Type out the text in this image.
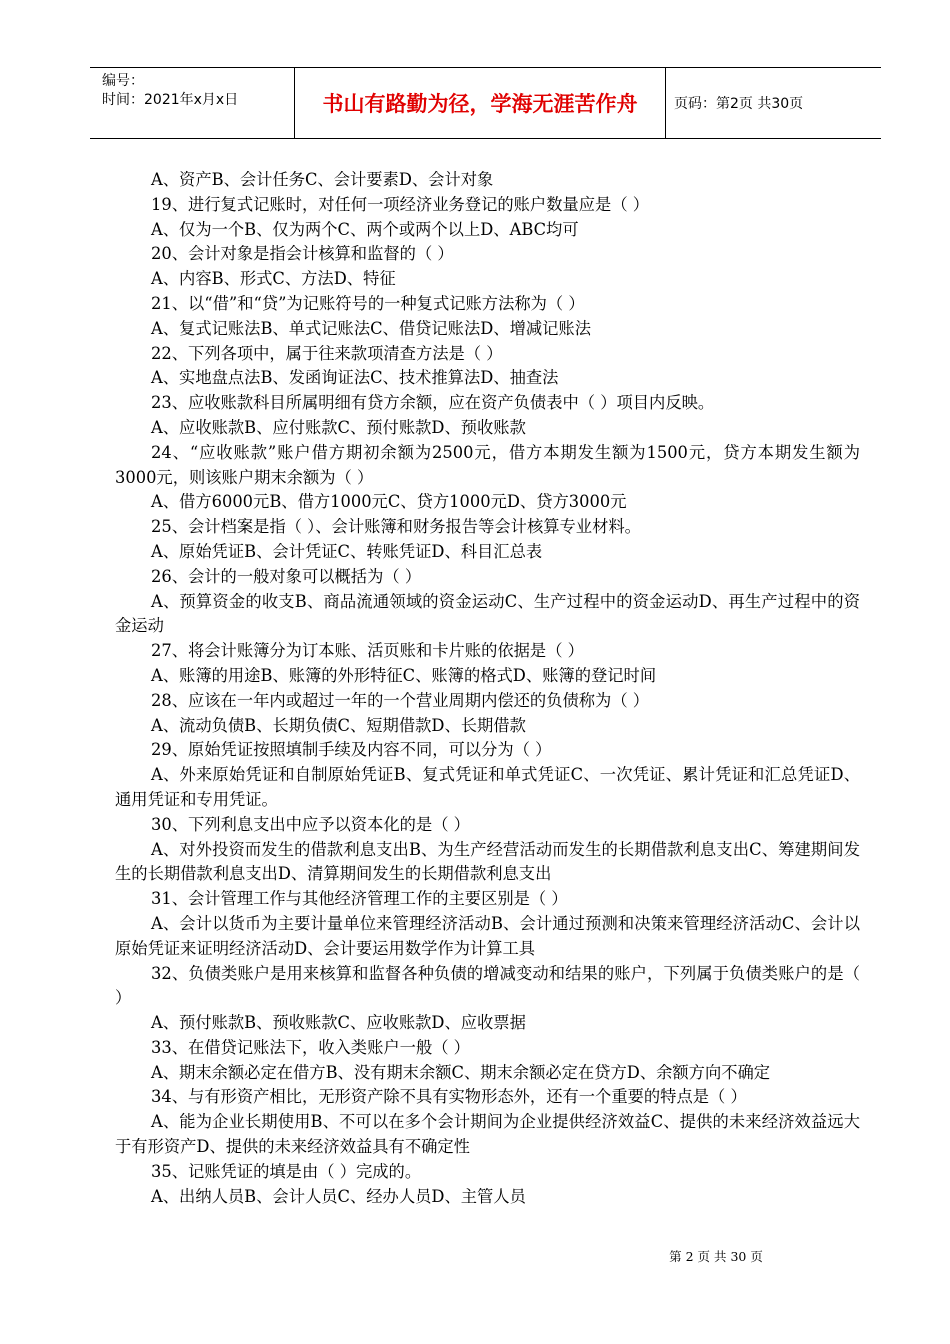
编号：
时间：2021年x月x日	书山有路勤为径，学海无涯苦作舟	页码：第2页 共30页

A、资产B、会计任务C、会计要素D、会计对象

19、进行复式记账时，对任何一项经济业务登记的账户数量应是（ ）

A、仅为一个B、仅为两个C、两个或两个以上D、ABC均可

20、会计对象是指会计核算和监督的（ ）

A、内容B、形式C、方法D、特征

21、以“借”和“贷”为记账符号的一种复式记账方法称为（ ）

A、复式记账法B、单式记账法C、借贷记账法D、增减记账法

22、下列各项中，属于往来款项清查方法是（ ）

A、实地盘点法B、发函询证法C、技术推算法D、抽查法

23、应收账款科目所属明细有贷方余额，应在资产负债表中（ ）项目内反映。

A、应收账款B、应付账款C、预付账款D、预收账款

24、“应收账款”账户借方期初余额为2500元，借方本期发生额为1500元，贷方本期发生额为3000元，则该账户期末余额为（ ）

A、借方6000元B、借方1000元C、贷方1000元D、贷方3000元

25、会计档案是指（ ）、会计账簿和财务报告等会计核算专业材料。

A、原始凭证B、会计凭证C、转账凭证D、科目汇总表

26、会计的一般对象可以概括为（ ）

A、预算资金的收支B、商品流通领域的资金运动C、生产过程中的资金运动D、再生产过程中的资金运动

27、将会计账簿分为订本账、活页账和卡片账的依据是（ ）

A、账簿的用途B、账簿的外形特征C、账簿的格式D、账簿的登记时间

28、应该在一年内或超过一年的一个营业周期内偿还的负债称为（ ）

A、流动负债B、长期负债C、短期借款D、长期借款

29、原始凭证按照填制手续及内容不同，可以分为（ ）

A、外来原始凭证和自制原始凭证B、复式凭证和单式凭证C、一次凭证、累计凭证和汇总凭证D、通用凭证和专用凭证。

30、下列利息支出中应予以资本化的是（ ）

A、对外投资而发生的借款利息支出B、为生产经营活动而发生的长期借款利息支出C、筹建期间发生的长期借款利息支出D、清算期间发生的长期借款利息支出

31、会计管理工作与其他经济管理工作的主要区别是（ ）

A、会计以货币为主要计量单位来管理经济活动B、会计通过预测和决策来管理经济活动C、会计以原始凭证来证明经济活动D、会计要运用数学作为计算工具

32、负债类账户是用来核算和监督各种负债的增减变动和结果的账户，下列属于负债类账户的是（ ）

A、预付账款B、预收账款C、应收账款D、应收票据

33、在借贷记账法下，收入类账户一般（ ）

A、期末余额必定在借方B、没有期末余额C、期末余额必定在贷方D、余额方向不确定

34、与有形资产相比，无形资产除不具有实物形态外，还有一个重要的特点是（ ）

A、能为企业长期使用B、不可以在多个会计期间为企业提供经济效益C、提供的未来经济效益远大于有形资产D、提供的未来经济效益具有不确定性

35、记账凭证的填是由（ ）完成的。

A、出纳人员B、会计人员C、经办人员D、主管人员

第 2 页 共 30 页
